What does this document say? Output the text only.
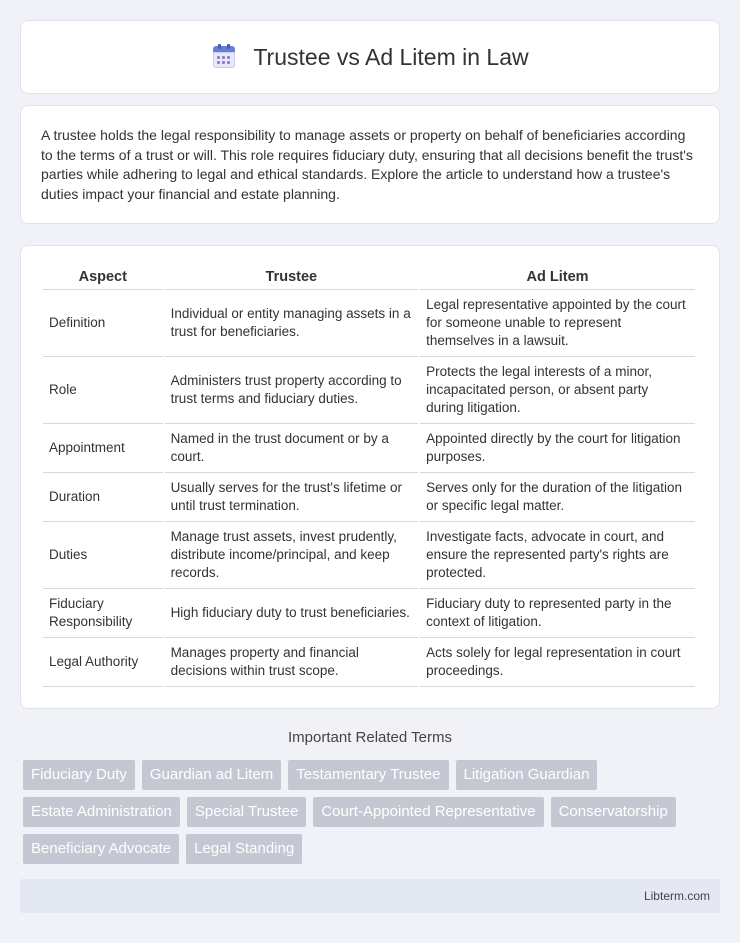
Trustee vs Ad Litem in Law

A trustee holds the legal responsibility to manage assets or property on behalf of beneficiaries according to the terms of a trust or will. This role requires fiduciary duty, ensuring that all decisions benefit the trust's parties while adhering to legal and ethical standards. Explore the article to understand how a trustee's duties impact your financial and estate planning.

Aspect	Trustee	Ad Litem
Definition	Individual or entity managing assets in a trust for beneficiaries.	Legal representative appointed by the court for someone unable to represent themselves in a lawsuit.
Role	Administers trust property according to trust terms and fiduciary duties.	Protects the legal interests of a minor, incapacitated person, or absent party during litigation.
Appointment	Named in the trust document or by a court.	Appointed directly by the court for litigation purposes.
Duration	Usually serves for the trust's lifetime or until trust termination.	Serves only for the duration of the litigation or specific legal matter.
Duties	Manage trust assets, invest prudently, distribute income/principal, and keep records.	Investigate facts, advocate in court, and ensure the represented party's rights are protected.
Fiduciary Responsibility	High fiduciary duty to trust beneficiaries.	Fiduciary duty to represented party in the context of litigation.
Legal Authority	Manages property and financial decisions within trust scope.	Acts solely for legal representation in court proceedings.
Important Related Terms
Fiduciary Duty	Guardian ad Litem	Testamentary Trustee	Litigation Guardian
Estate Administration	Special Trustee	Court-Appointed Representative	Conservatorship
Beneficiary Advocate	Legal Standing
Libterm.com
